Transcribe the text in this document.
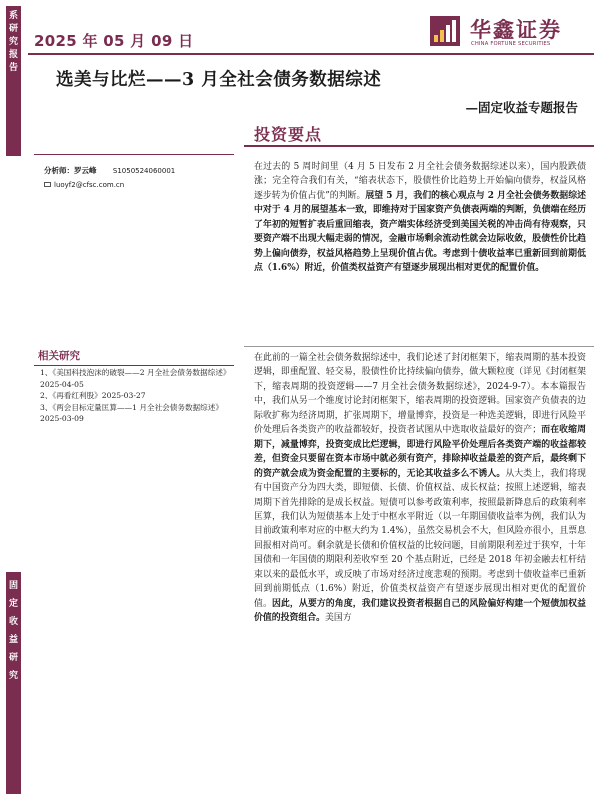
系
研
究
报
告
固
定
收
益
研
究
2025 年 05 月 09 日	华鑫证券
CHINA FORTUNE SECURITIES
选美与比烂——3 月全社会债务数据综述
—固定收益专题报告
投资要点
分析师：罗云峰 S1050524060001
luoyf2@cfsc.com.cn
相关研究
1、《美国科技泡沫的破裂——2 月全社会债务数据综述》2025-04-05
2、《再看红利股》2025-03-27
3、《两会目标定量匡算——1 月全社会债务数据综述》2025-03-09

在过去的 5 周时间里（4 月 5 日发布 2 月全社会债务数据综述以来），国内股跌债涨；完全符合我们有关，“缩表状态下，股债性价比趋势上开始偏向债券，权益风格逐步转为价值占优”的判断。展望 5 月，我们的核心观点与 2 月全社会债务数据综述中对于 4 月的展望基本一致，即维持对于国家资产负债表两端的判断，负债端在经历了年初的短暂扩表后重回缩表，资产端实体经济受到美国关税的冲击尚有待观察，只要资产端不出现大幅走弱的情况，金融市场剩余流动性就会边际收敛，股债性价比趋势上偏向债券，权益风格趋势上呈现价值占优。考虑到十债收益率已重新回到前期低点（1.6%）附近，价值类权益资产有望逐步展现出相对更优的配置价值。

在此前的一篇全社会债务数据综述中，我们论述了封闭框架下，缩表周期的基本投资逻辑，即重配置、轻交易，股债性价比持续偏向债券，做大颗粒度（详见《封闭框架下，缩表周期的投资逻辑——7 月全社会债务数据综述》，2024-9-7）。本本篇报告中，我们从另一个维度讨论封闭框架下，缩表周期的投资逻辑。国家资产负债表的边际收扩称为经济周期，扩张周期下，增量博弈，投资是一种选美逻辑，即进行风险平价处理后各类资产的收益都较好，投资者试图从中选取收益最好的资产；而在收缩周期下，减量博弈，投资变成比烂逻辑，即进行风险平价处理后各类资产端的收益都较差，但资金只要留在资本市场中就必须有资产，排除掉收益最差的资产后，最终剩下的资产就会成为资金配置的主要标的，无论其收益多么不诱人。从大类上，我们将现有中国资产分为四大类，即短债、长债、价值权益、成长权益；按照上述逻辑，缩表周期下首先排除的是成长权益。短债可以参考政策利率，按照最新降息后的政策利率匡算，我们认为短债基本上处于中枢水平附近（以一年期国债收益率为例，我们认为目前政策利率对应的中枢大约为 1.4%），虽然交易机会不大，但风险亦很小，且票息回报相对尚可。剩余就是长债和价值权益的比较问题，目前期限利差过于狭窄，十年国债和一年国债的期限利差收窄至 20 个基点附近，已经是 2018 年初金融去杠杆结束以来的最低水平，或反映了市场对经济过度悲观的预期。考虑到十债收益率已重新回到前期低点（1.6%）附近，价值类权益资产有望逐步展现出相对更优的配置价值。因此，从要方的角度，我们建议投资者根据自己的风险偏好构建一个短债加权益价值的投资组合。美国方
